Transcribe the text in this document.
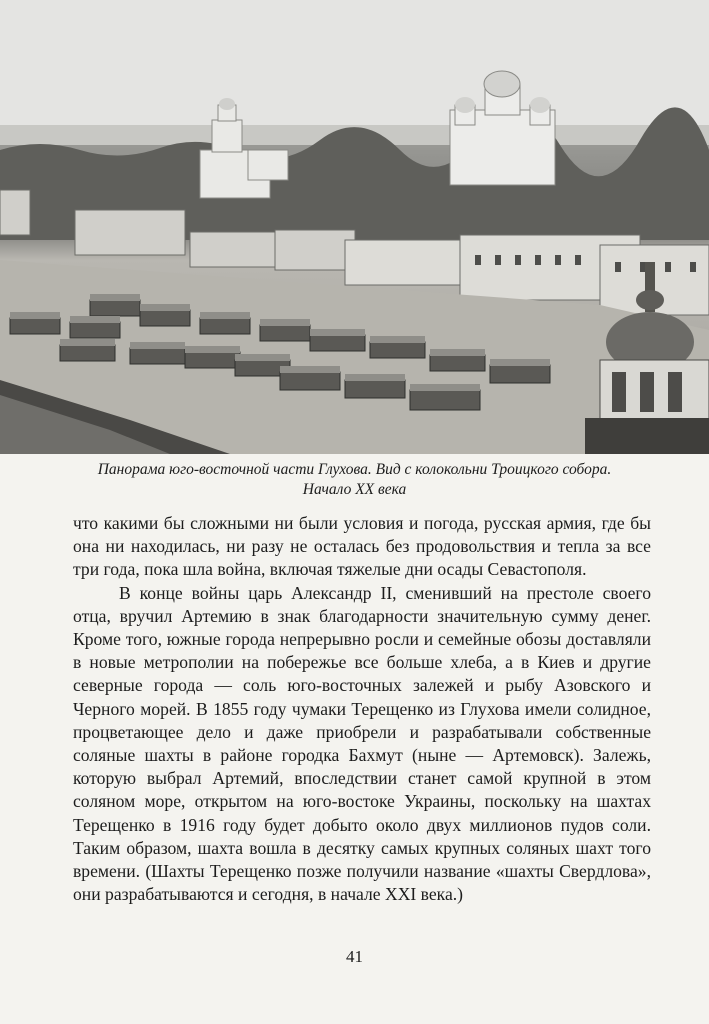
Панорама юго-восточной части Глухова. Вид с колокольни Троицкого собора.
Начало XX века

что какими бы сложными ни были условия и погода, русская армия, где бы она ни находилась, ни разу не осталась без продовольствия и тепла за все три года, пока шла война, включая тяжелые дни осады Севастополя.

В конце войны царь Александр II, сменивший на престоле своего отца, вручил Артемию в знак благодарности значительную сумму денег. Кроме того, южные города непрерывно росли и семейные обозы доставляли в новые метрополии на побережье все больше хлеба, а в Киев и другие северные города — соль юго-восточных залежей и рыбу Азовского и Черного морей. В 1855 году чумаки Терещенко из Глухова имели солидное, процветающее дело и даже приобрели и разрабатывали собственные соляные шахты в районе городка Бахмут (ныне — Артемовск). Залежь, которую выбрал Артемий, впоследствии станет самой крупной в этом соляном море, открытом на юго-востоке Украины, поскольку на шахтах Терещенко в 1916 году будет добыто около двух миллионов пудов соли. Таким образом, шахта вошла в десятку самых крупных соляных шахт того времени. (Шахты Терещенко позже получили название «шахты Свердлова», они разрабатываются и сегодня, в начале XXI века.)

41
